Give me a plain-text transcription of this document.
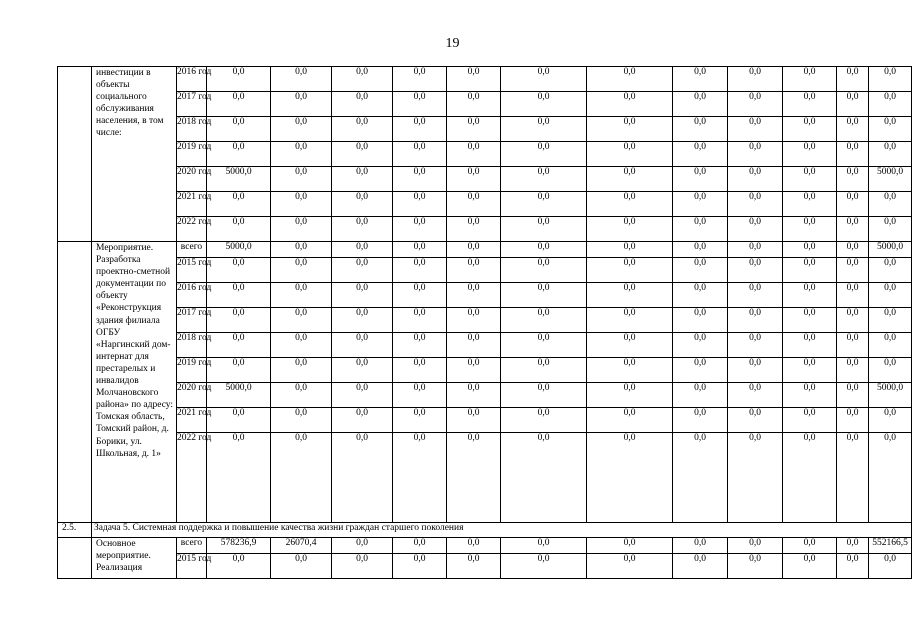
19
	инвестиции в объекты социального обслуживания населения, в том числе:	2016 год	0,0	0,0	0,0	0,0	0,0	0,0	0,0	0,0	0,0	0,0	0,0	0,0
		2017 год	0,0	0,0	0,0	0,0	0,0	0,0	0,0	0,0	0,0	0,0	0,0	0,0
		2018 год	0,0	0,0	0,0	0,0	0,0	0,0	0,0	0,0	0,0	0,0	0,0	0,0
		2019 год	0,0	0,0	0,0	0,0	0,0	0,0	0,0	0,0	0,0	0,0	0,0	0,0
		2020 год	5000,0	0,0	0,0	0,0	0,0	0,0	0,0	0,0	0,0	0,0	0,0	5000,0
		2021 год	0,0	0,0	0,0	0,0	0,0	0,0	0,0	0,0	0,0	0,0	0,0	0,0
		2022 год	0,0	0,0	0,0	0,0	0,0	0,0	0,0	0,0	0,0	0,0	0,0	0,0
	Мероприятие. Разработка проектно-сметной документации по объекту «Реконструкция здания филиала ОГБУ «Наргинский дом-интернат для престарелых и инвалидов Молчановского района» по адресу: Томская область, Томский район, д. Борики, ул. Школьная, д. 1»	всего	5000,0	0,0	0,0	0,0	0,0	0,0	0,0	0,0	0,0	0,0	0,0	5000,0
		2015 год	0,0	0,0	0,0	0,0	0,0	0,0	0,0	0,0	0,0	0,0	0,0	0,0
		2016 год	0,0	0,0	0,0	0,0	0,0	0,0	0,0	0,0	0,0	0,0	0,0	0,0
		2017 год	0,0	0,0	0,0	0,0	0,0	0,0	0,0	0,0	0,0	0,0	0,0	0,0
		2018 год	0,0	0,0	0,0	0,0	0,0	0,0	0,0	0,0	0,0	0,0	0,0	0,0
		2019 год	0,0	0,0	0,0	0,0	0,0	0,0	0,0	0,0	0,0	0,0	0,0	0,0
		2020 год	5000,0	0,0	0,0	0,0	0,0	0,0	0,0	0,0	0,0	0,0	0,0	5000,0
		2021 год	0,0	0,0	0,0	0,0	0,0	0,0	0,0	0,0	0,0	0,0	0,0	0,0
		2022 год	0,0	0,0	0,0	0,0	0,0	0,0	0,0	0,0	0,0	0,0	0,0	0,0
2.5.	Задача 5. Системная поддержка и повышение качества жизни граждан старшего поколения													
	Основное мероприятие. Реализация	всего	578236,9	26070,4	0,0	0,0	0,0	0,0	0,0	0,0	0,0	0,0	0,0	552166,5
		2015 год	0,0	0,0	0,0	0,0	0,0	0,0	0,0	0,0	0,0	0,0	0,0	0,0
